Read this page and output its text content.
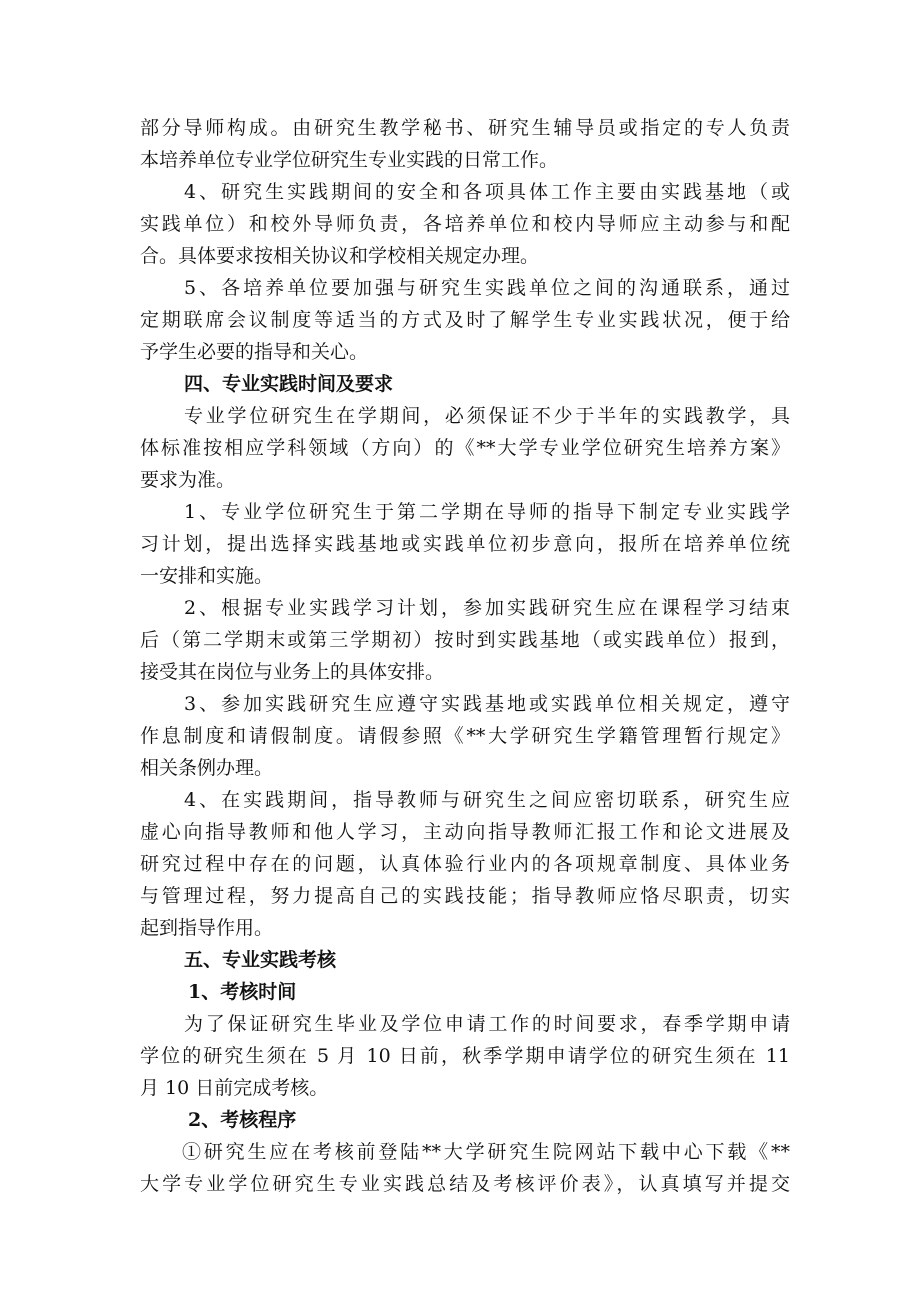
部分导师构成。由研究生教学秘书、研究生辅导员或指定的专人负责
本培养单位专业学位研究生专业实践的日常工作。
4、研究生实践期间的安全和各项具体工作主要由实践基地（或
实践单位）和校外导师负责，各培养单位和校内导师应主动参与和配
合。具体要求按相关协议和学校相关规定办理。
5、各培养单位要加强与研究生实践单位之间的沟通联系，通过
定期联席会议制度等适当的方式及时了解学生专业实践状况，便于给
予学生必要的指导和关心。
四、专业实践时间及要求
专业学位研究生在学期间，必须保证不少于半年的实践教学，具
体标准按相应学科领域（方向）的《**大学专业学位研究生培养方案》
要求为准。
1、专业学位研究生于第二学期在导师的指导下制定专业实践学
习计划，提出选择实践基地或实践单位初步意向，报所在培养单位统
一安排和实施。
2、根据专业实践学习计划，参加实践研究生应在课程学习结束
后（第二学期末或第三学期初）按时到实践基地（或实践单位）报到，
接受其在岗位与业务上的具体安排。
3、参加实践研究生应遵守实践基地或实践单位相关规定，遵守
作息制度和请假制度。请假参照《**大学研究生学籍管理暂行规定》
相关条例办理。
4、在实践期间，指导教师与研究生之间应密切联系，研究生应
虚心向指导教师和他人学习，主动向指导教师汇报工作和论文进展及
研究过程中存在的问题，认真体验行业内的各项规章制度、具体业务
与管理过程，努力提高自己的实践技能；指导教师应恪尽职责，切实
起到指导作用。
五、专业实践考核
1、考核时间
为了保证研究生毕业及学位申请工作的时间要求，春季学期申请
学位的研究生须在 5 月 10 日前，秋季学期申请学位的研究生须在 11
月 10 日前完成考核。
2、考核程序
①研究生应在考核前登陆**大学研究生院网站下载中心下载《**
大学专业学位研究生专业实践总结及考核评价表》，认真填写并提交
